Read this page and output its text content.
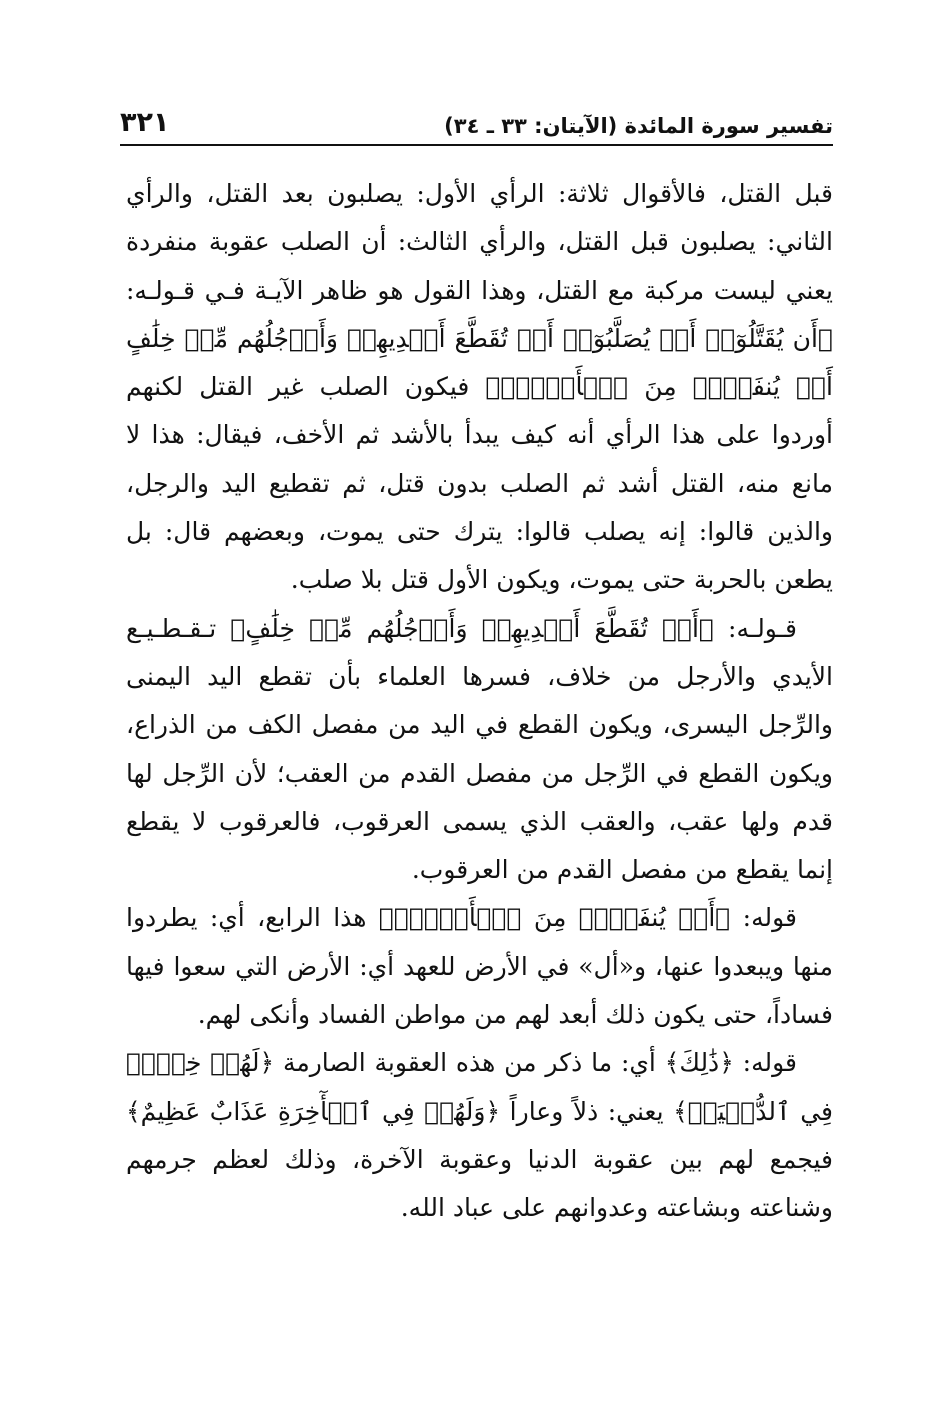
تفسير سورة المائدة (الآيتان: ٣٣ ـ ٣٤)
٣٢١

قبل القتل، فالأقوال ثلاثة: الرأي الأول: يصلبون بعد القتل، والرأي الثاني: يصلبون قبل القتل، والرأي الثالث: أن الصلب عقوبة منفردة يعني ليست مركبة مع القتل، وهذا القول هو ظاهر الآيـة فـي قـولـه: ﴿أَن يُقَتَّلُوٓا۟ أَوۡ يُصَلَّبُوٓا۟ أَوۡ تُقَطَّعَ أَيۡدِيهِمۡ وَأَرۡجُلُهُم مِّنۡ خِلَٰفٍ أَوۡ يُنفَوۡا۟ مِنَ ٱلۡأَرۡضِۚ﴾ فيكون الصلب غير القتل لكنهم أوردوا على هذا الرأي أنه كيف يبدأ بالأشد ثم الأخف، فيقال: هذا لا مانع منه، القتل أشد ثم الصلب بدون قتل، ثم تقطيع اليد والرجل، والذين قالوا: إنه يصلب قالوا: يترك حتى يموت، وبعضهم قال: بل يطعن بالحربة حتى يموت، ويكون الأول قتل بلا صلب.

قـولـه: ﴿أَوۡ تُقَطَّعَ أَيۡدِيهِمۡ وَأَرۡجُلُهُم مِّنۡ خِلَٰفٍ﴾ تـقـطـيـع الأيدي والأرجل من خلاف، فسرها العلماء بأن تقطع اليد اليمنى والرِّجل اليسرى، ويكون القطع في اليد من مفصل الكف من الذراع، ويكون القطع في الرِّجل من مفصل القدم من العقب؛ لأن الرِّجل لها قدم ولها عقب، والعقب الذي يسمى العرقوب، فالعرقوب لا يقطع إنما يقطع من مفصل القدم من العرقوب.

قوله: ﴿أَوۡ يُنفَوۡا۟ مِنَ ٱلۡأَرۡضِۚ﴾ هذا الرابع، أي: يطردوا منها ويبعدوا عنها، و«أل» في الأرض للعهد أي: الأرض التي سعوا فيها فساداً، حتى يكون ذلك أبعد لهم من مواطن الفساد وأنكى لهم.

قوله: ﴿ذَٰلِكَ﴾ أي: ما ذكر من هذه العقوبة الصارمة ﴿لَهُمۡ خِزۡيٞ فِي ٱلدُّنۡيَاۖ﴾ يعني: ذلاً وعاراً ﴿وَلَهُمۡ فِي ٱلۡأٓخِرَةِ عَذَابٌ عَظِيمٌ﴾ فيجمع لهم بين عقوبة الدنيا وعقوبة الآخرة، وذلك لعظم جرمهم وشناعته وبشاعته وعدوانهم على عباد الله.
